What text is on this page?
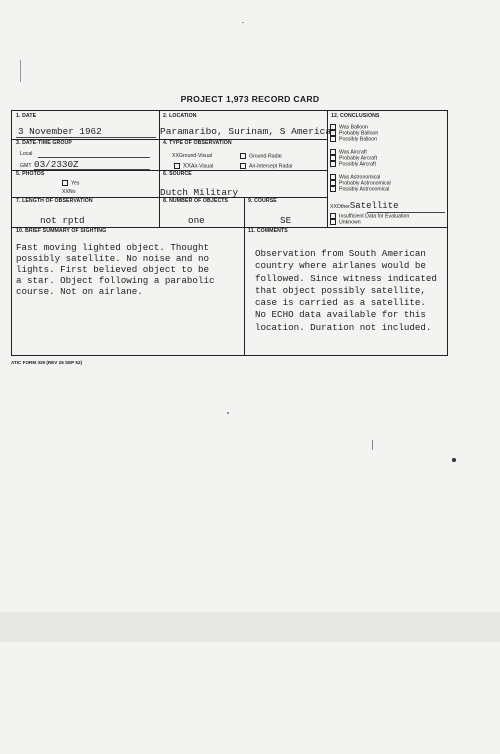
PROJECT 1,973 RECORD CARD
1. DATE
3 November 1962
2. LOCATION
Paramaribo, Surinam, S America
3. DATE-TIME GROUP
Local
GMT 03/2330Z
4. TYPE OF OBSERVATION
XXGround-Visual	Ground-Radar
XXAir-Visual	Air-Intercept Radar
5. PHOTOS
Yes
XXNo
6. SOURCE
Dutch Military
7. LENGTH OF OBSERVATION
not rptd
8. NUMBER OF OBJECTS
one
9. COURSE
SE
12. CONCLUSIONS
Was Balloon
Probably Balloon
Possibly Balloon
Was Aircraft
Probably Aircraft
Possibly Aircraft
Was Astronomical
Probably Astronomical
Possibly Astronomical
XXOtherSatellite
Insufficient Data for Evaluation
Unknown
10. BRIEF SUMMARY OF SIGHTING
Fast moving lighted object. Thought
possibly satellite. No noise and no
lights. First believed object to be
a star. Object following a parabolic
course. Not on airlane.
11. COMMENTS
Observation from South American
country where airlanes would be
followed. Since witness indicated
that object possibly satellite,
case is carried as a satellite.
No ECHO data available for this
location. Duration not included.
ATIC FORM 329 (REV 26 SEP 52)
